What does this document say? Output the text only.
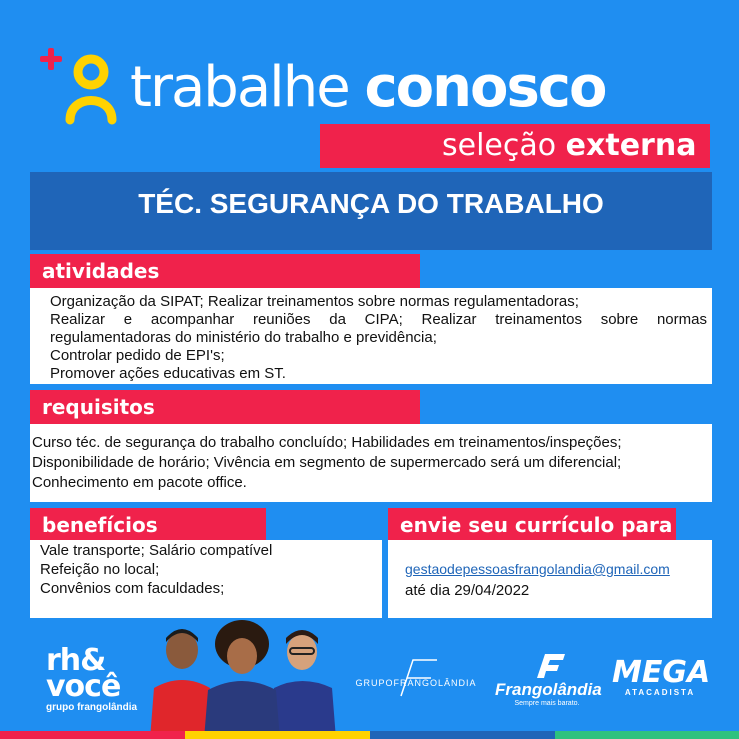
trabalhe conosco
seleção externa
TÉC. SEGURANÇA DO TRABALHO
atividades
Organização da SIPAT; Realizar treinamentos sobre normas regulamentadoras;
Realizar e acompanhar reuniões da CIPA; Realizar treinamentos sobre normas
regulamentadoras do ministério do trabalho e previdência;
Controlar pedido de EPI's;
Promover ações educativas em ST.
requisitos
Curso téc. de segurança do trabalho concluído; Habilidades em treinamentos/inspeções;
Disponibilidade de horário; Vivência em segmento de supermercado será um diferencial;
Conhecimento em pacote office.
benefícios
Vale transporte; Salário compatível
Refeição no local;
Convênios com faculdades;
envie seu currículo para
gestaodepessoasfrangolandia@gmail.com
até dia 29/04/2022
rh&
você
grupo frangolândia
GRUPOFRANGOLÂNDIA Frangolândia
Sempre mais barato.
MEGA
ATACADISTA
